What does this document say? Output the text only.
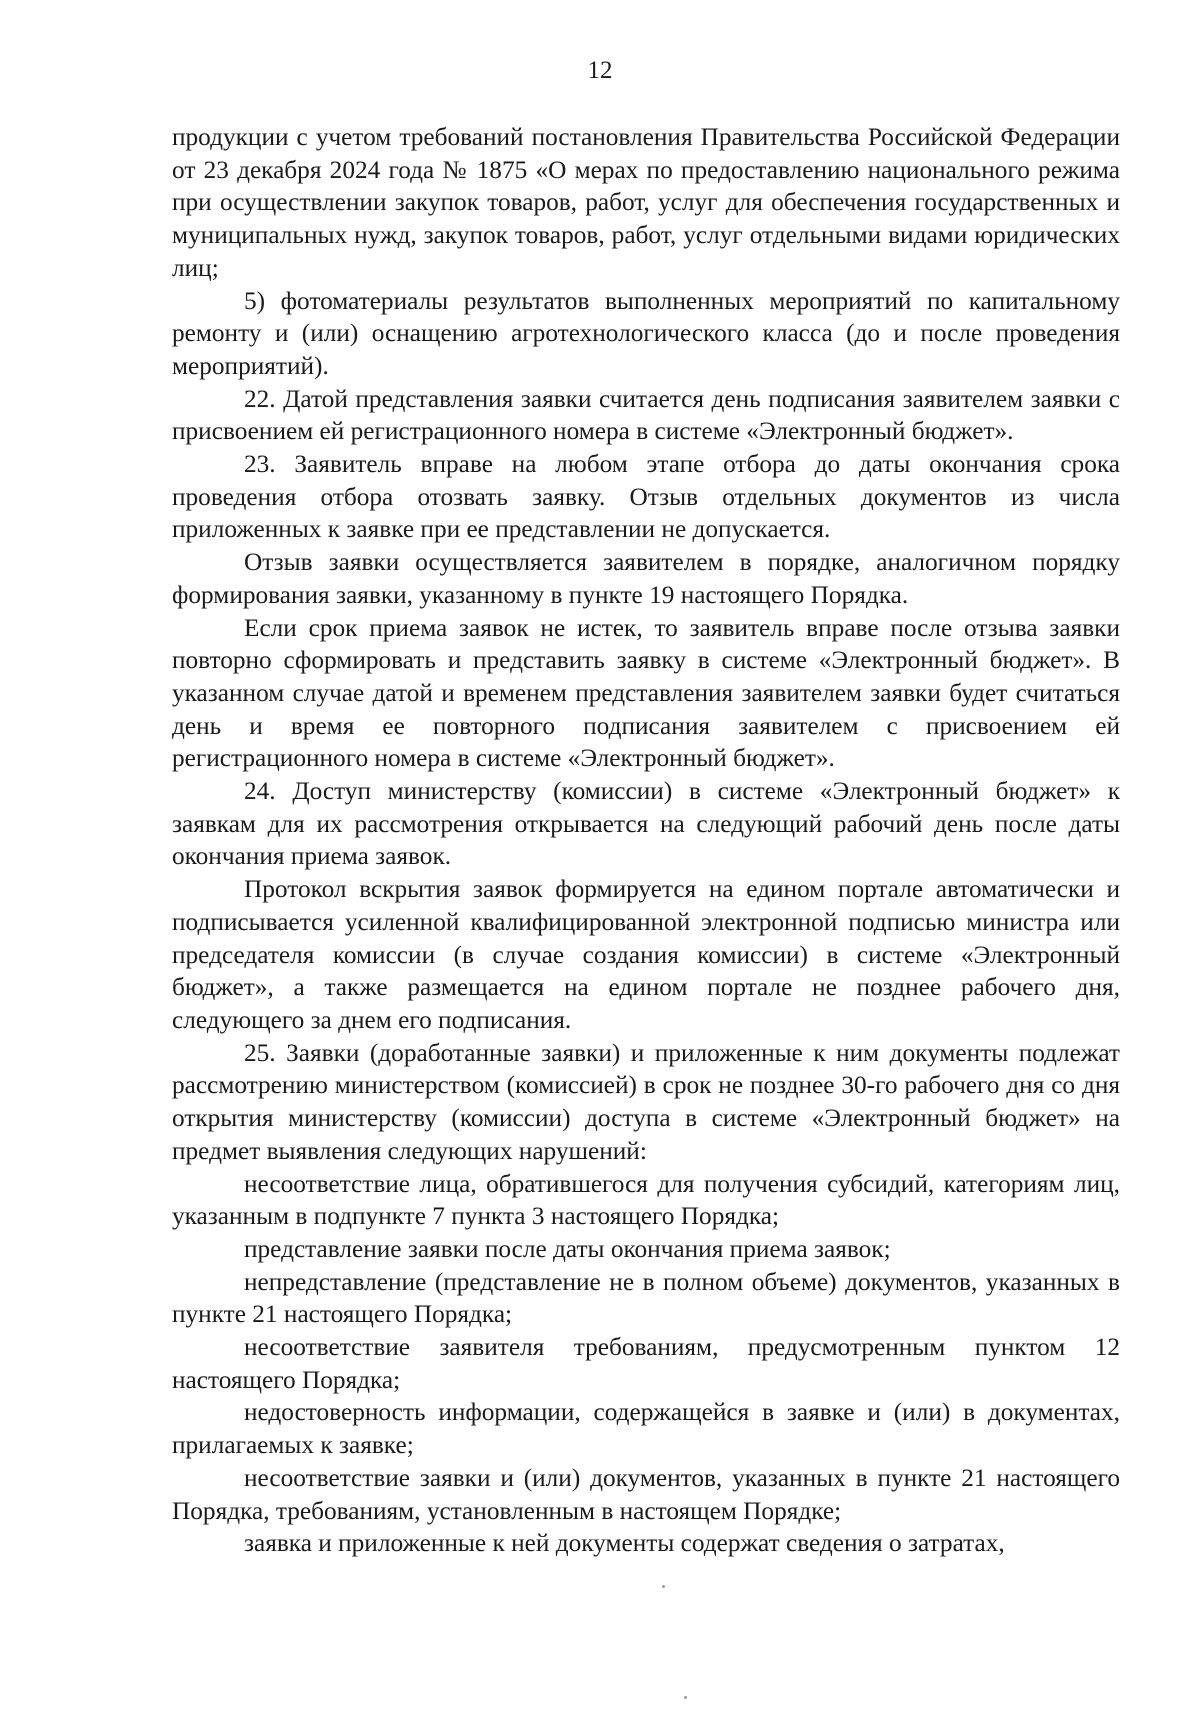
12

продукции с учетом требований постановления Правительства Российской Федерации от 23 декабря 2024 года № 1875 «О мерах по предоставлению национального режима при осуществлении закупок товаров, работ, услуг для обеспечения государственных и муниципальных нужд, закупок товаров, работ, услуг отдельными видами юридических лиц;

5) фотоматериалы результатов выполненных мероприятий по капитальному ремонту и (или) оснащению агротехнологического класса (до и после проведения мероприятий).

22. Датой представления заявки считается день подписания заявителем заявки с присвоением ей регистрационного номера в системе «Электронный бюджет».

23. Заявитель вправе на любом этапе отбора до даты окончания срока проведения отбора отозвать заявку. Отзыв отдельных документов из числа приложенных к заявке при ее представлении не допускается.

Отзыв заявки осуществляется заявителем в порядке, аналогичном порядку формирования заявки, указанному в пункте 19 настоящего Порядка.

Если срок приема заявок не истек, то заявитель вправе после отзыва заявки повторно сформировать и представить заявку в системе «Электронный бюджет». В указанном случае датой и временем представления заявителем заявки будет считаться день и время ее повторного подписания заявителем с присвоением ей регистрационного номера в системе «Электронный бюджет».

24. Доступ министерству (комиссии) в системе «Электронный бюджет» к заявкам для их рассмотрения открывается на следующий рабочий день после даты окончания приема заявок.

Протокол вскрытия заявок формируется на едином портале автоматически и подписывается усиленной квалифицированной электронной подписью министра или председателя комиссии (в случае создания комиссии) в системе «Электронный бюджет», а также размещается на едином портале не позднее рабочего дня, следующего за днем его подписания.

25. Заявки (доработанные заявки) и приложенные к ним документы подлежат рассмотрению министерством (комиссией) в срок не позднее 30-го рабочего дня со дня открытия министерству (комиссии) доступа в системе «Электронный бюджет» на предмет выявления следующих нарушений:

несоответствие лица, обратившегося для получения субсидий, категориям лиц, указанным в подпункте 7 пункта 3 настоящего Порядка;

представление заявки после даты окончания приема заявок;

непредставление (представление не в полном объеме) документов, указанных в пункте 21 настоящего Порядка;

несоответствие заявителя требованиям, предусмотренным пунктом 12 настоящего Порядка;

недостоверность информации, содержащейся в заявке и (или) в документах, прилагаемых к заявке;

несоответствие заявки и (или) документов, указанных в пункте 21 настоящего Порядка, требованиям, установленным в настоящем Порядке;

заявка и приложенные к ней документы содержат сведения о затратах,
